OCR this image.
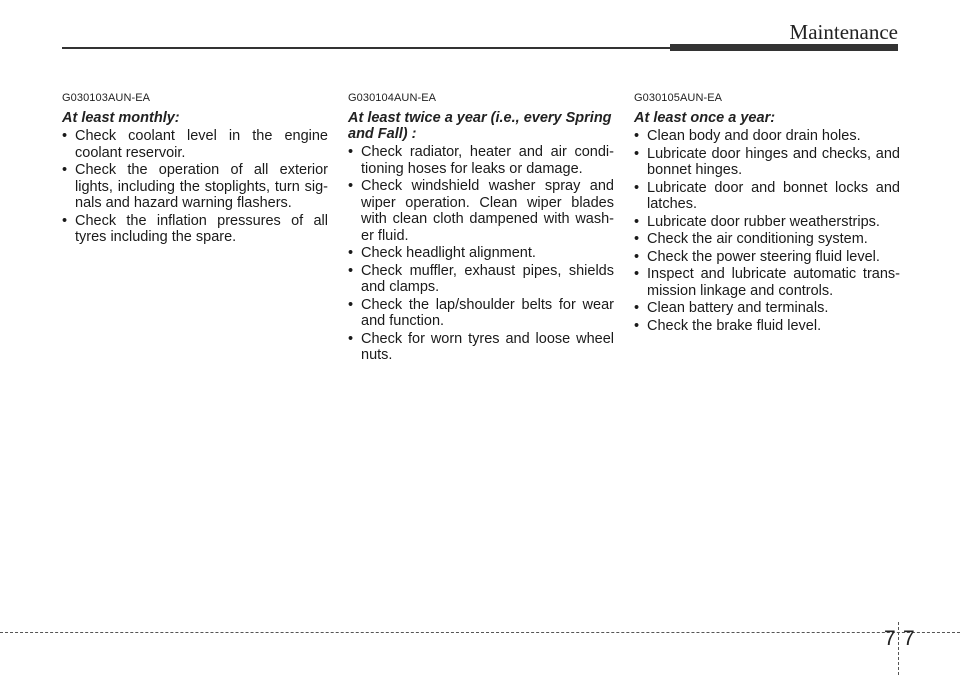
Maintenance
G030103AUN-EA
At least monthly:
• Check coolant level in the engine coolant reservoir.
• Check the operation of all exterior lights, including the stoplights, turn sig-nals and hazard warning flashers.
• Check the inflation pressures of all tyres including the spare.
G030104AUN-EA
At least twice a year (i.e., every Spring and Fall) :
• Check radiator, heater and air condi-tioning hoses for leaks or damage.
• Check windshield washer spray and wiper operation. Clean wiper blades with clean cloth dampened with wash-er fluid.
• Check headlight alignment.
• Check muffler, exhaust pipes, shields and clamps.
• Check the lap/shoulder belts for wear and function.
• Check for worn tyres and loose wheel nuts.
G030105AUN-EA
At least once a year:
• Clean body and door drain holes.
• Lubricate door hinges and checks, and bonnet hinges.
• Lubricate door and bonnet locks and latches.
• Lubricate door rubber weatherstrips.
• Check the air conditioning system.
• Check the power steering fluid level.
• Inspect and lubricate automatic trans-mission linkage and controls.
• Clean battery and terminals.
• Check the brake fluid level.
7 7
